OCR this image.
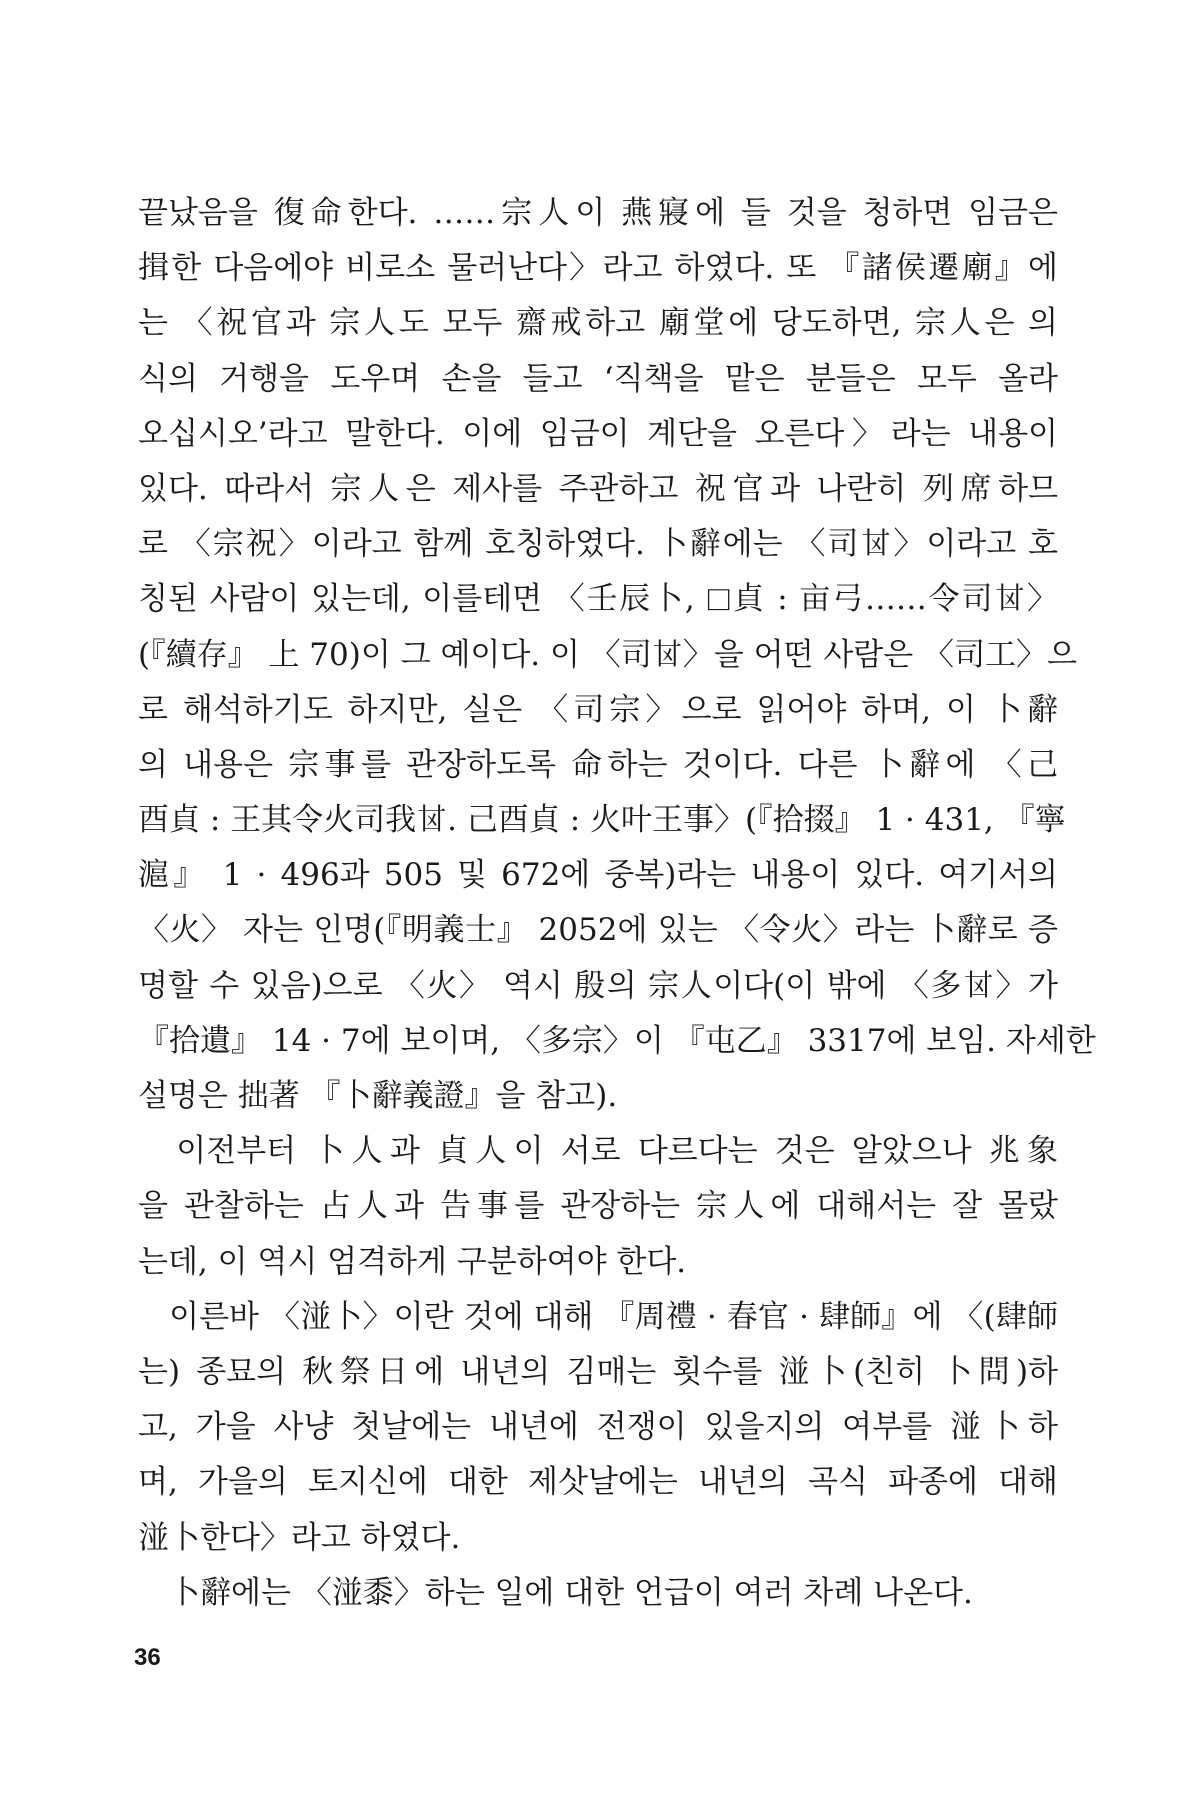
끝났음을 復命한다. ……宗人이 燕寢에 들 것을 청하면 임금은
揖한 다음에야 비로소 물러난다〉라고 하였다. 또 『諸侯遷廟』에
는 〈祝官과 宗人도 모두 齋戒하고 廟堂에 당도하면, 宗人은 의
식의 거행을 도우며 손을 들고 ‘직책을 맡은 분들은 모두 올라
오십시오’라고 말한다. 이에 임금이 계단을 오른다〉라는 내용이
있다. 따라서 宗人은 제사를 주관하고 祝官과 나란히 列席하므
로 〈宗祝〉이라고 함께 호칭하였다. 卜辭에는 〈司𠀠〉이라고 호
칭된 사람이 있는데, 이를테면 〈壬辰卜, ☐貞 : 亩弓……令司𠀠〉
(『續存』 上 70)이 그 예이다. 이 〈司𠀠〉을 어떤 사람은 〈司工〉으
로 해석하기도 하지만, 실은 〈司宗〉으로 읽어야 하며, 이 卜辭
의 내용은 宗事를 관장하도록 命하는 것이다. 다른 卜辭에 〈己
酉貞 : 王其令火司我𠀠. 己酉貞 : 火叶王事〉(『拾掇』 1 · 431, 『寧
滬』 1 · 496과 505 및 672에 중복)라는 내용이 있다. 여기서의
〈火〉 자는 인명(『明義士』 2052에 있는 〈令火〉라는 卜辭로 증
명할 수 있음)으로 〈火〉 역시 殷의 宗人이다(이 밖에 〈多𠀠〉가
『拾遺』 14 · 7에 보이며, 〈多宗〉이 『屯乙』 3317에 보임. 자세한
설명은 拙著 『卜辭義證』을 참고).
　이전부터 卜人과 貞人이 서로 다르다는 것은 알았으나 兆象
을 관찰하는 占人과 告事를 관장하는 宗人에 대해서는 잘 몰랐
는데, 이 역시 엄격하게 구분하여야 한다.
　이른바 〈湴卜〉이란 것에 대해 『周禮 · 春官 · 肆師』에 〈(肆師
는) 종묘의 秋祭日에 내년의 김매는 횟수를 湴卜(친히 卜問)하
고, 가을 사냥 첫날에는 내년에 전쟁이 있을지의 여부를 湴卜하
며, 가을의 토지신에 대한 제삿날에는 내년의 곡식 파종에 대해
湴卜한다〉라고 하였다.
　卜辭에는 〈湴黍〉하는 일에 대한 언급이 여러 차례 나온다.
36
